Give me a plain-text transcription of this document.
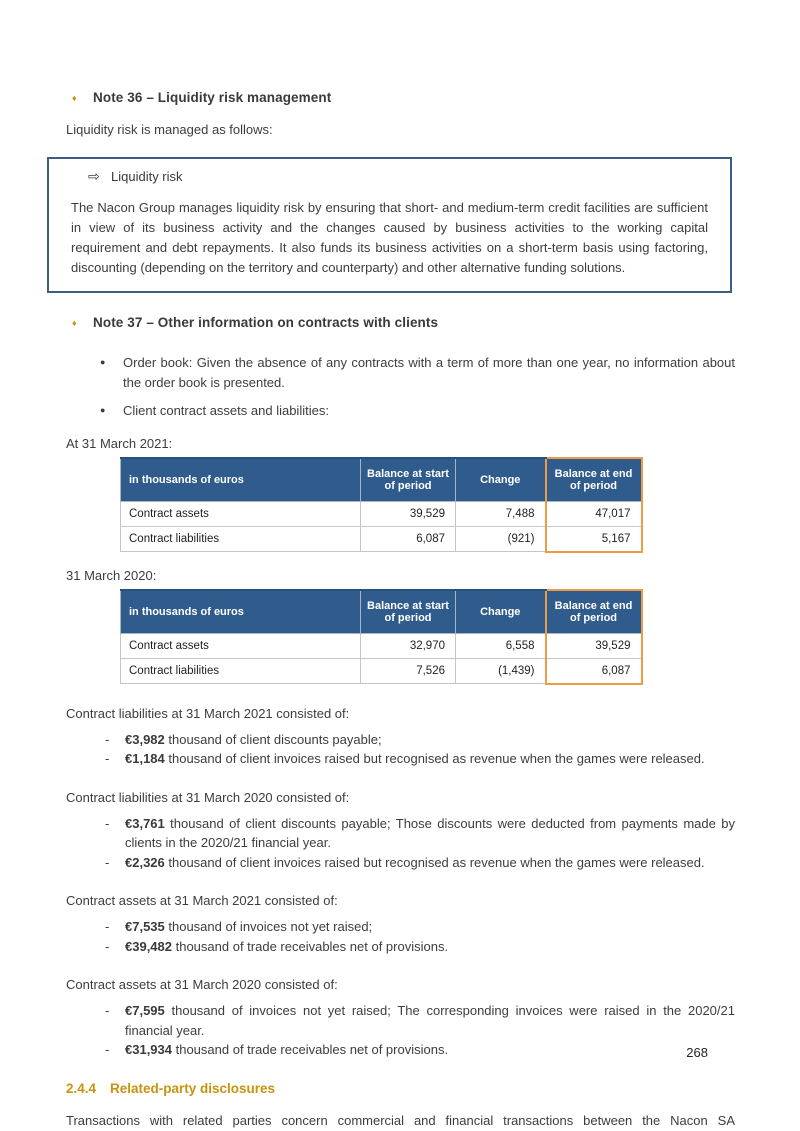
♦	Note 36 – Liquidity risk management
Liquidity risk is managed as follows:
⇨ Liquidity risk
The Nacon Group manages liquidity risk by ensuring that short- and medium-term credit facilities are sufficient in view of its business activity and the changes caused by business activities to the working capital requirement and debt repayments. It also funds its business activities on a short-term basis using factoring, discounting (depending on the territory and counterparty) and other alternative funding solutions.
♦	Note 37 – Other information on contracts with clients
●	Order book: Given the absence of any contracts with a term of more than one year, no information about the order book is presented.
●	Client contract assets and liabilities:
At 31 March 2021:
in thousands of euros	Balance at start of period	Change	Balance at end of period
Contract assets	39,529	7,488	47,017
Contract liabilities	6,087	(921)	5,167
31 March 2020:
in thousands of euros	Balance at start of period	Change	Balance at end of period
Contract assets	32,970	6,558	39,529
Contract liabilities	7,526	(1,439)	6,087
Contract liabilities at 31 March 2021 consisted of:
-	€3,982 thousand of client discounts payable;
-	€1,184 thousand of client invoices raised but recognised as revenue when the games were released.
Contract liabilities at 31 March 2020 consisted of:
-	€3,761 thousand of client discounts payable; Those discounts were deducted from payments made by clients in the 2020/21 financial year.
-	€2,326 thousand of client invoices raised but recognised as revenue when the games were released.
Contract assets at 31 March 2021 consisted of:
-	€7,535 thousand of invoices not yet raised;
-	€39,482 thousand of trade receivables net of provisions.
Contract assets at 31 March 2020 consisted of:
-	€7,595 thousand of invoices not yet raised; The corresponding invoices were raised in the 2020/21 financial year.
-	€31,934 thousand of trade receivables net of provisions.
2.4.4	Related-party disclosures
Transactions with related parties concern commercial and financial transactions between the Nacon SA
268
